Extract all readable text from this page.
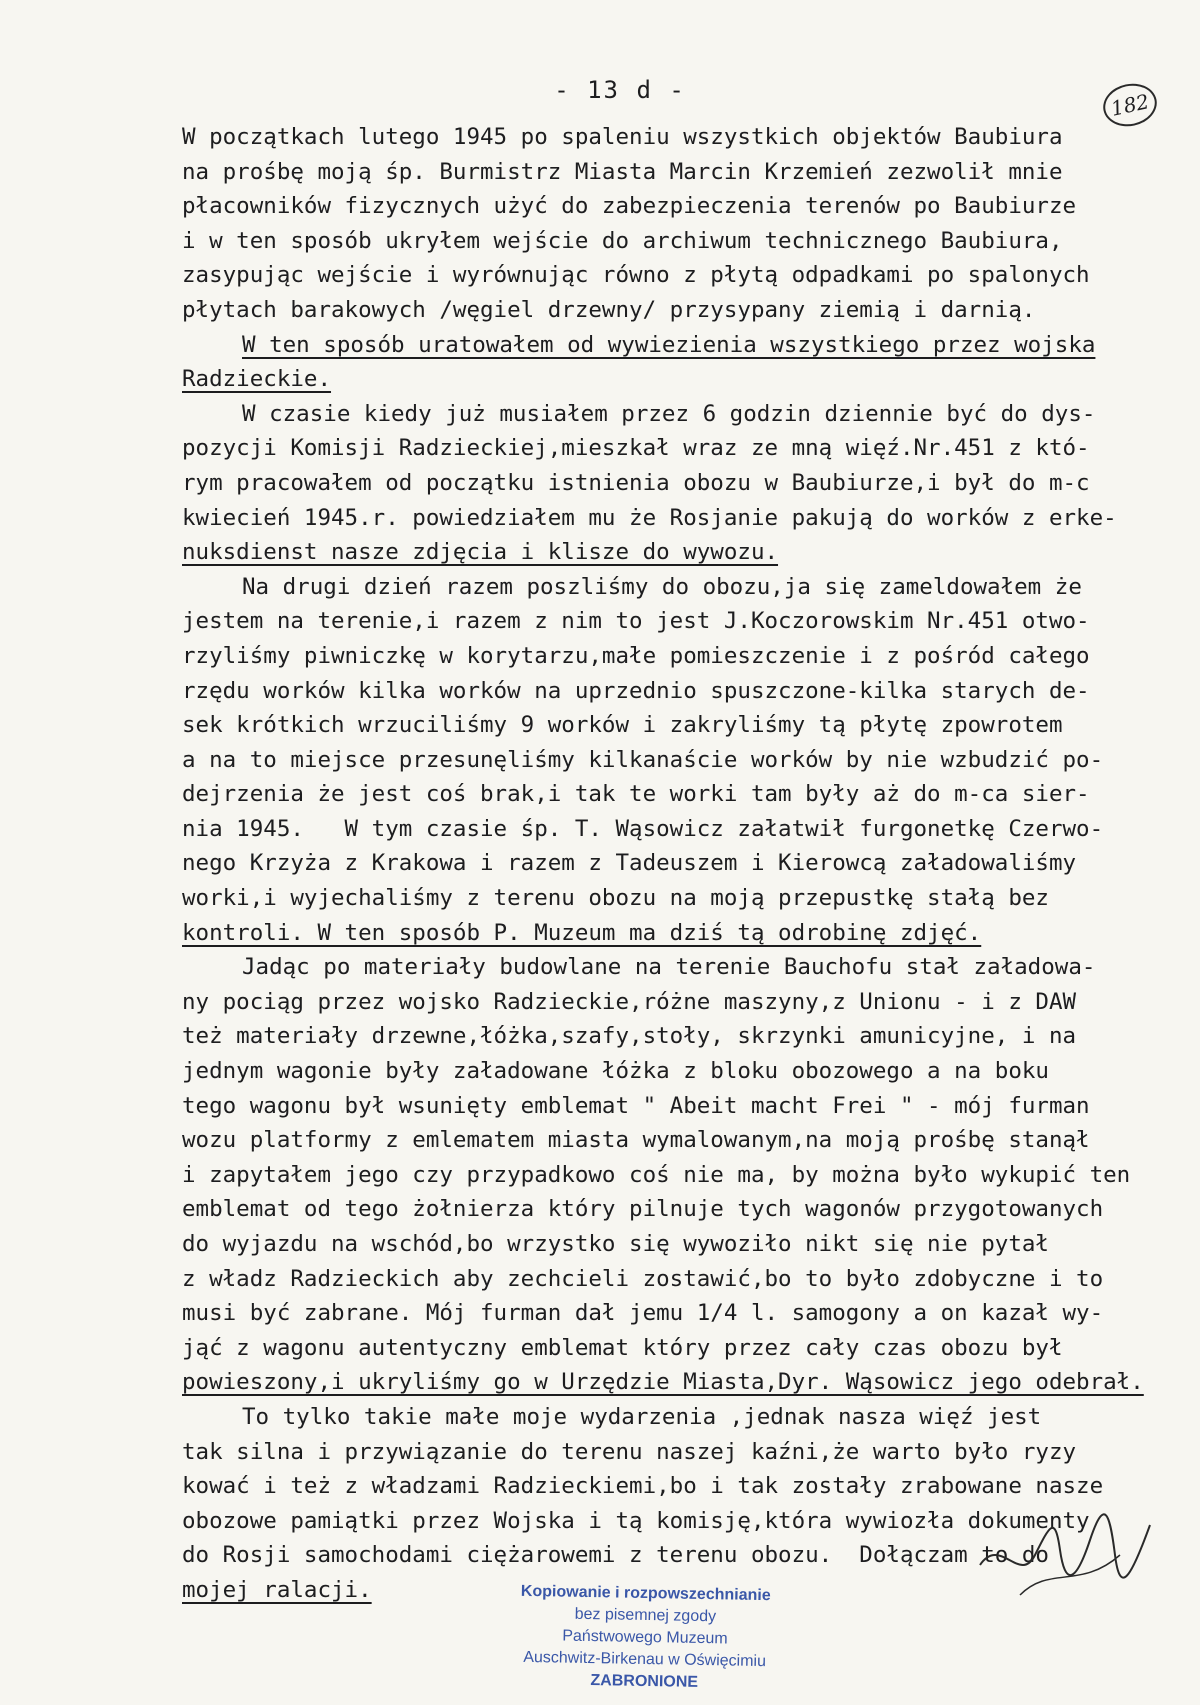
- 13 d -	182
W początkach lutego 1945 po spaleniu wszystkich objektów Baubiura
na prośbę moją śp. Burmistrz Miasta Marcin Krzemień zezwolił mnie
płacowników fizycznych użyć do zabezpieczenia terenów po Baubiurze
i w ten sposób ukryłem wejście do archiwum technicznego Baubiura,
zasypując wejście i wyrównując równo z płytą odpadkami po spalonych
płytach barakowych /węgiel drzewny/ przysypany ziemią i darnią.
W ten sposób uratowałem od wywiezienia wszystkiego przez wojska
Radzieckie.
W czasie kiedy już musiałem przez 6 godzin dziennie być do dys-
pozycji Komisji Radzieckiej,mieszkał wraz ze mną więź.Nr.451 z któ-
rym pracowałem od początku istnienia obozu w Baubiurze,i był do m-c
kwiecień 1945.r. powiedziałem mu że Rosjanie pakują do worków z erke-
nuksdienst nasze zdjęcia i klisze do wywozu.
Na drugi dzień razem poszliśmy do obozu,ja się zameldowałem że
jestem na terenie,i razem z nim to jest J.Koczorowskim Nr.451 otwo-
rzyliśmy piwniczkę w korytarzu,małe pomieszczenie i z pośród całego
rzędu worków kilka worków na uprzednio spuszczone-kilka starych de-
sek krótkich wrzuciliśmy 9 worków i zakryliśmy tą płytę zpowrotem
a na to miejsce przesunęliśmy kilkanaście worków by nie wzbudzić po-
dejrzenia że jest coś brak,i tak te worki tam były aż do m-ca sier-
nia 1945.   W tym czasie śp. T. Wąsowicz załatwił furgonetkę Czerwo-
nego Krzyża z Krakowa i razem z Tadeuszem i Kierowcą załadowaliśmy
worki,i wyjechaliśmy z terenu obozu na moją przepustkę stałą bez
kontroli. W ten sposób P. Muzeum ma dziś tą odrobinę zdjęć.
Jadąc po materiały budowlane na terenie Bauchofu stał załadowa-
ny pociąg przez wojsko Radzieckie,różne maszyny,z Unionu - i z DAW
też materiały drzewne,łóżka,szafy,stoły, skrzynki amunicyjne, i na
jednym wagonie były załadowane łóżka z bloku obozowego a na boku
tego wagonu był wsunięty emblemat " Abeit macht Frei " - mój furman
wozu platformy z emlematem miasta wymalowanym,na moją prośbę stanął
i zapytałem jego czy przypadkowo coś nie ma, by można było wykupić ten
emblemat od tego żołnierza który pilnuje tych wagonów przygotowanych
do wyjazdu na wschód,bo wrzystko się wywoziło nikt się nie pytał
z władz Radzieckich aby zechcieli zostawić,bo to było zdobyczne i to
musi być zabrane. Mój furman dał jemu 1/4 l. samogony a on kazał wy-
jąć z wagonu autentyczny emblemat który przez cały czas obozu był
powieszony,i ukryliśmy go w Urzędzie Miasta,Dyr. Wąsowicz jego odebrał.
To tylko takie małe moje wydarzenia ,jednak nasza więź jest
tak silna i przywiązanie do terenu naszej kaźni,że warto było ryzy
kować i też z władzami Radzieckiemi,bo i tak zostały zrabowane nasze
obozowe pamiątki przez Wojska i tą komisję,która wywiozła dokumenty
do Rosji samochodami ciężarowemi z terenu obozu.  Dołączam to do
mojej ralacji.	Kopiowanie i rozpowszechnianie
bez pisemnej zgody
Państwowego Muzeum
Auschwitz-Birkenau w Oświęcimiu
ZABRONIONE
